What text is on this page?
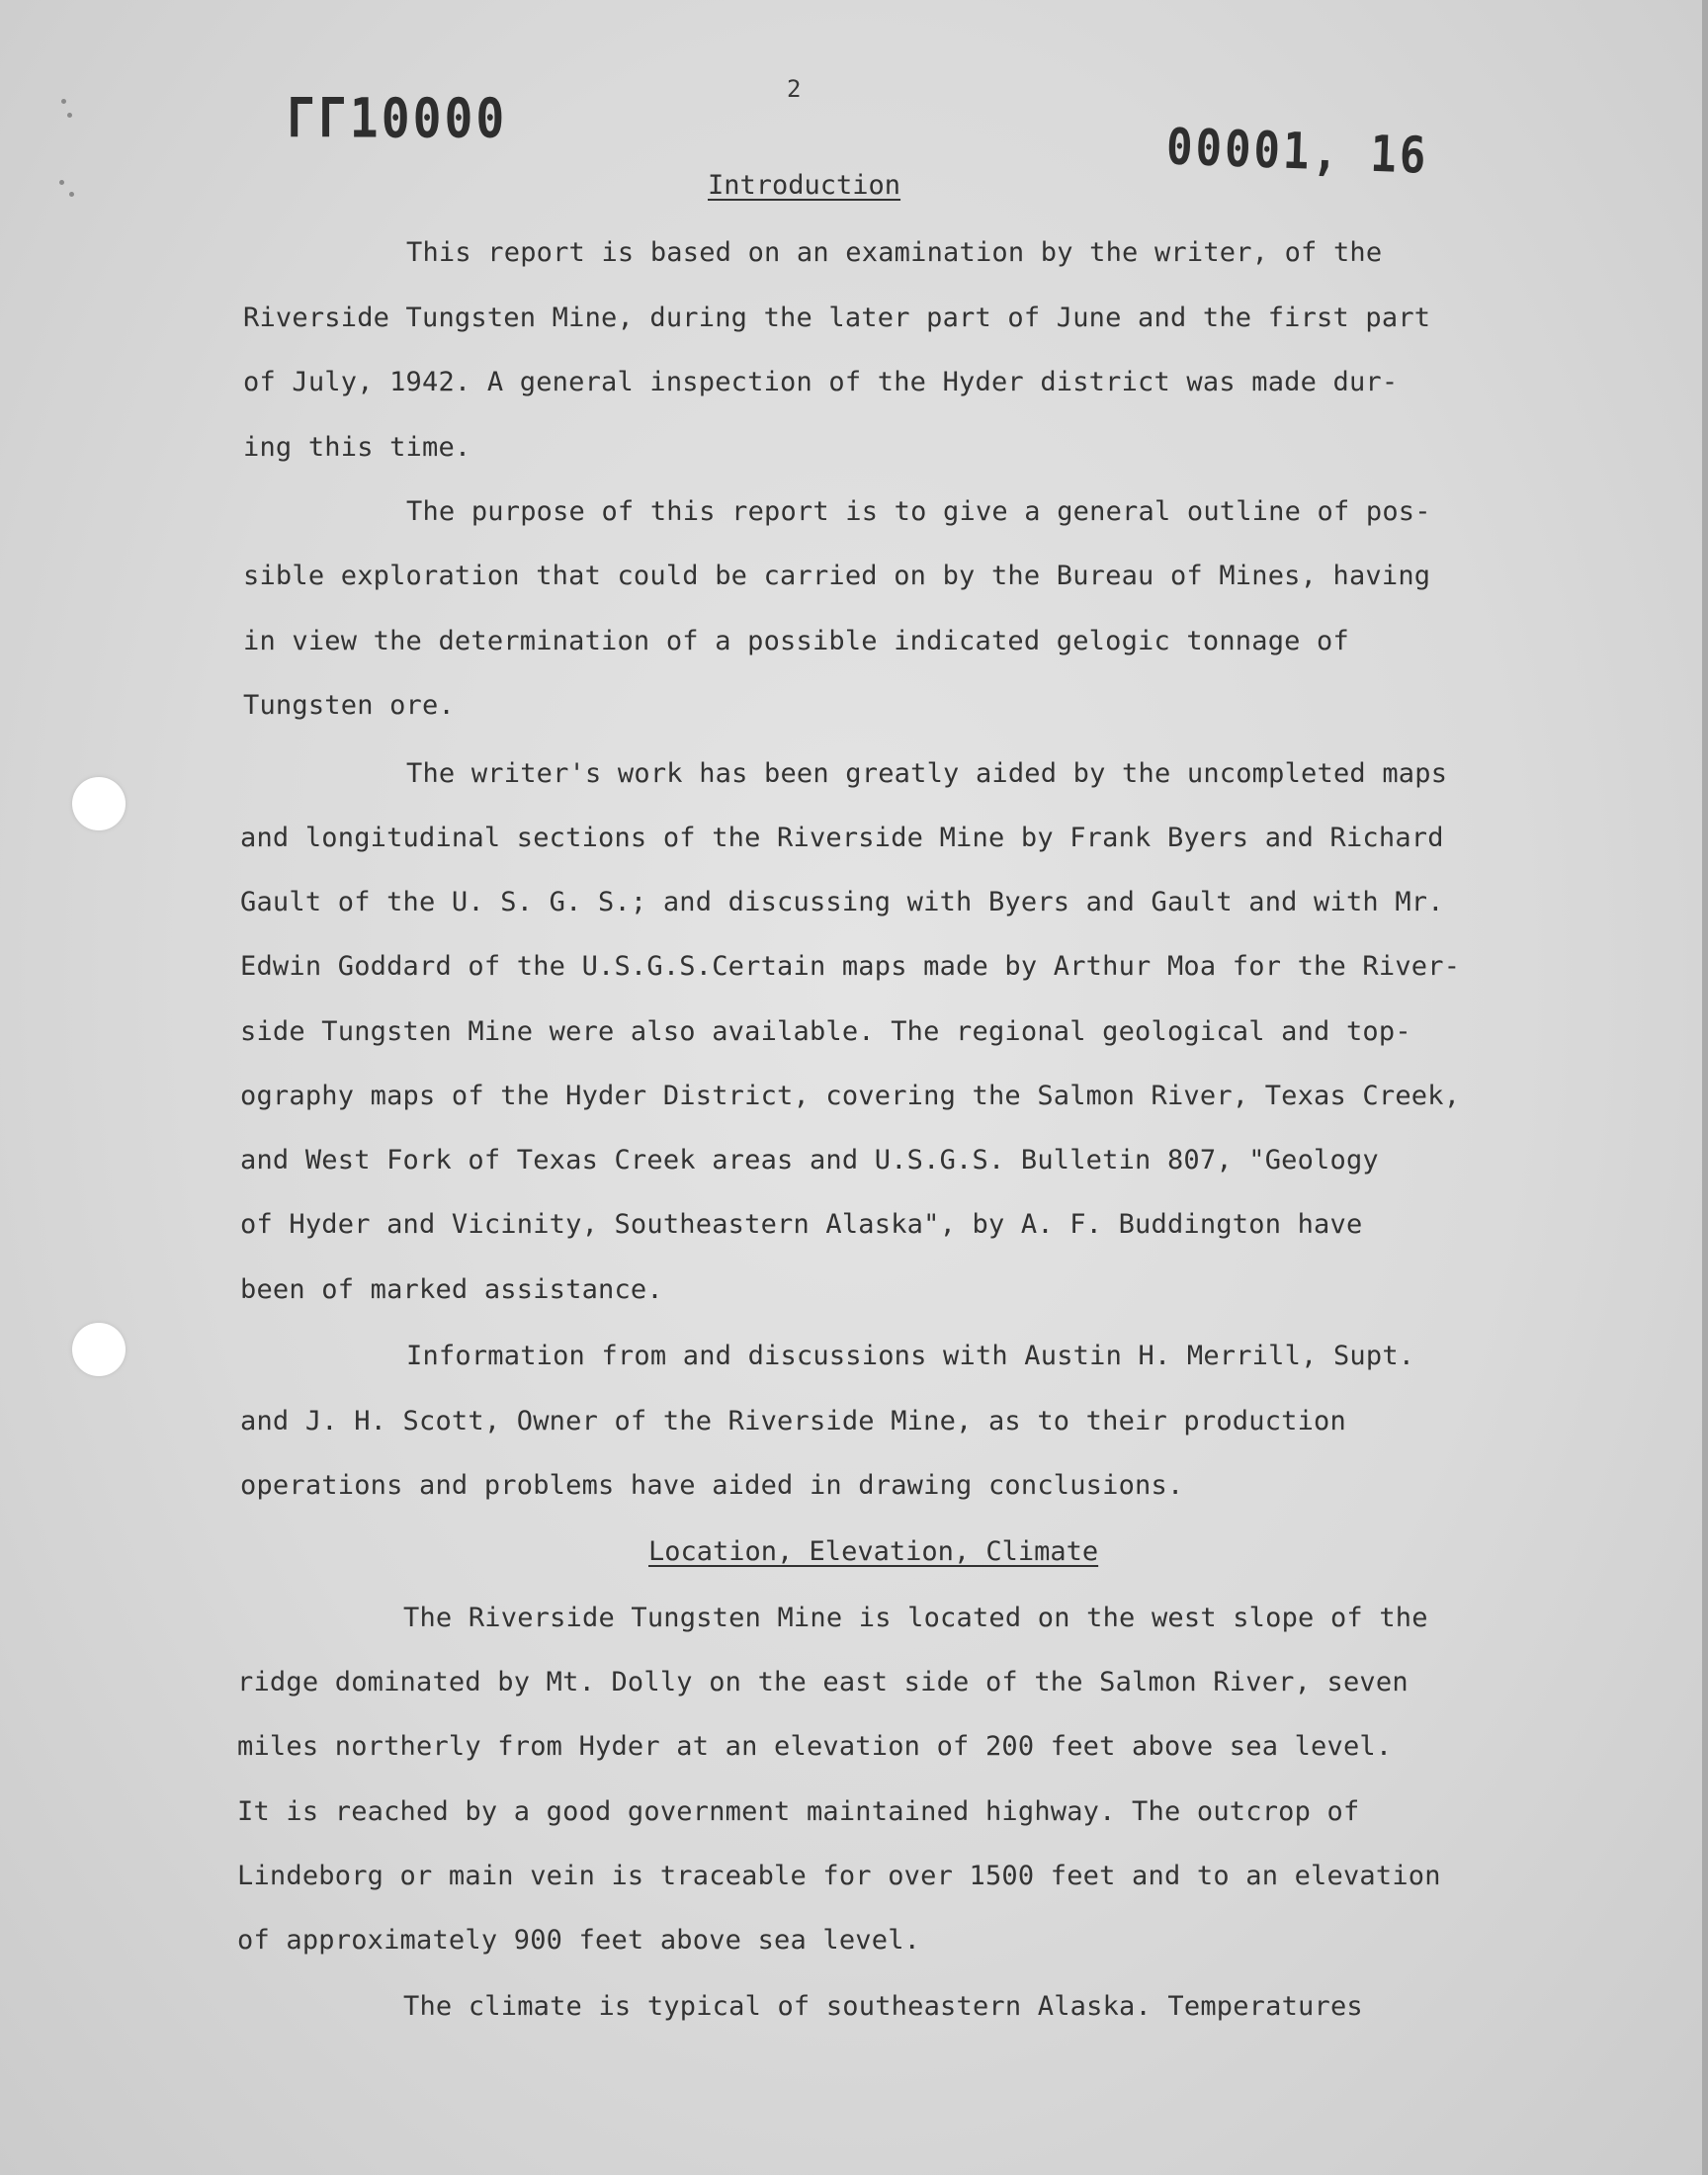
ГГ10000	2
00001, 16
Introduction
This report is based on an examination by the writer, of the
Riverside Tungsten Mine, during the later part of June and the first part
of July, 1942. A general inspection of the Hyder district was made dur-
ing this time.
The purpose of this report is to give a general outline of pos-
sible exploration that could be carried on by the Bureau of Mines, having
in view the determination of a possible indicated gelogic tonnage of
Tungsten ore.
The writer's work has been greatly aided by the uncompleted maps
and longitudinal sections of the Riverside Mine by Frank Byers and Richard
Gault of the U. S. G. S.; and discussing with Byers and Gault and with Mr.
Edwin Goddard of the U.S.G.S.Certain maps made by Arthur Moa for the River-
side Tungsten Mine were also available. The regional geological and top-
ography maps of the Hyder District, covering the Salmon River, Texas Creek,
and West Fork of Texas Creek areas and U.S.G.S. Bulletin 807, "Geology
of Hyder and Vicinity, Southeastern Alaska", by A. F. Buddington have
been of marked assistance.
Information from and discussions with Austin H. Merrill, Supt.
and J. H. Scott, Owner of the Riverside Mine, as to their production
operations and problems have aided in drawing conclusions.
Location, Elevation, Climate
The Riverside Tungsten Mine is located on the west slope of the
ridge dominated by Mt. Dolly on the east side of the Salmon River, seven
miles northerly from Hyder at an elevation of 200 feet above sea level.
It is reached by a good government maintained highway. The outcrop of
Lindeborg or main vein is traceable for over 1500 feet and to an elevation
of approximately 900 feet above sea level.
The climate is typical of southeastern Alaska. Temperatures
